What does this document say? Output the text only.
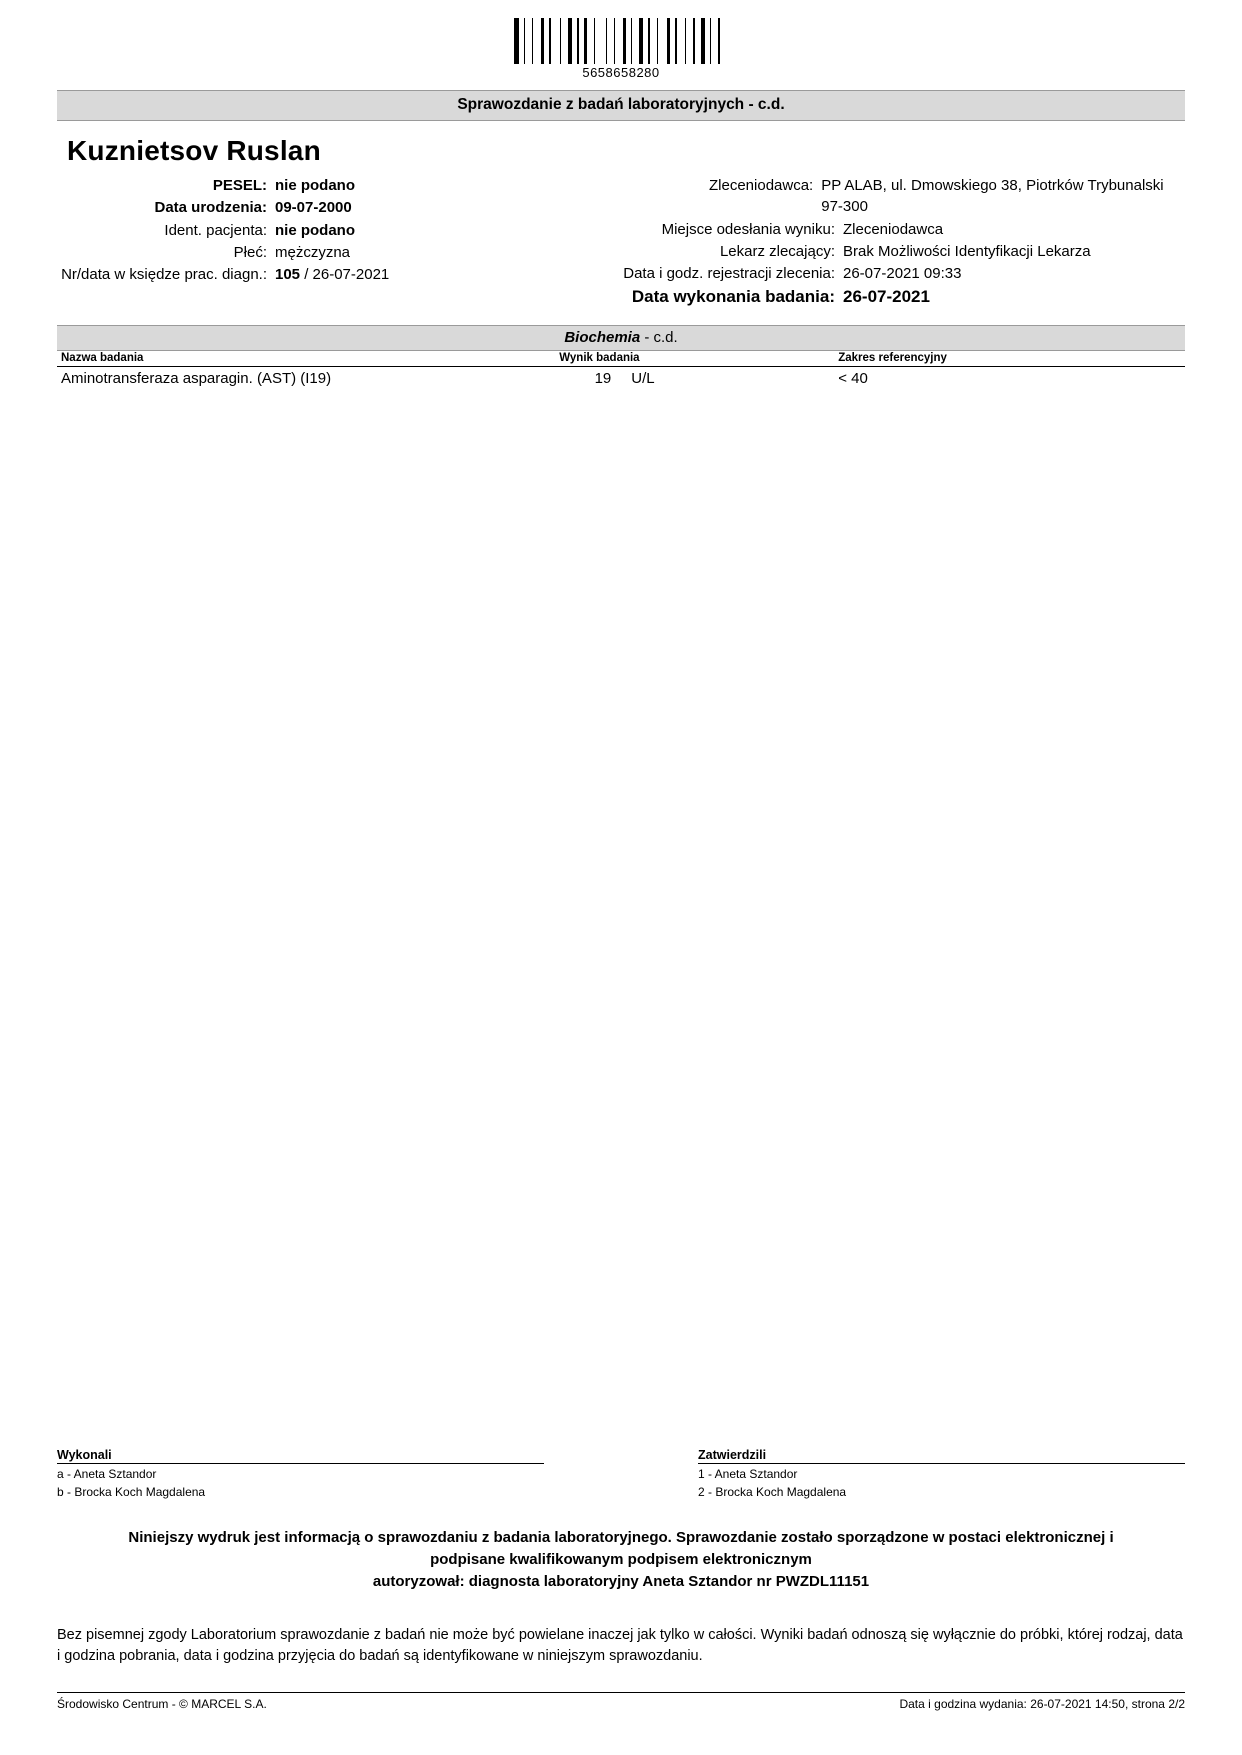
5658658280
Sprawozdanie z badań laboratoryjnych - c.d.
Kuznietsov Ruslan
PESEL: nie podano
Data urodzenia: 09-07-2000
Ident. pacjenta: nie podano
Płeć: mężczyzna
Nr/data w księdze prac. diagn.: 105 / 26-07-2021
Zleceniodawca: PP ALAB, ul. Dmowskiego 38, Piotrków Trybunalski 97-300
Miejsce odesłania wyniku: Zleceniodawca
Lekarz zlecający: Brak Możliwości Identyfikacji Lekarza
Data i godz. rejestracji zlecenia: 26-07-2021 09:33
Data wykonania badania: 26-07-2021
Biochemia - c.d.
Nazwa badania	Wynik badania	Zakres referencyjny
Aminotransferaza asparagin. (AST) (I19)	19 U/L	< 40
Wykonali
a - Aneta Sztandor
b - Brocka Koch Magdalena
Zatwierdzili
1 - Aneta Sztandor
2 - Brocka Koch Magdalena
Niniejszy wydruk jest informacją o sprawozdaniu z badania laboratoryjnego. Sprawozdanie zostało sporządzone w postaci elektronicznej i
podpisane kwalifikowanym podpisem elektronicznym
autoryzował: diagnosta laboratoryjny Aneta Sztandor nr PWZDL11151
Bez pisemnej zgody Laboratorium sprawozdanie z badań nie może być powielane inaczej jak tylko w całości. Wyniki badań odnoszą się wyłącznie do próbki, której rodzaj, data i godzina pobrania, data i godzina przyjęcia do badań są identyfikowane w niniejszym sprawozdaniu.
Środowisko Centrum - © MARCEL S.A.	Data i godzina wydania: 26-07-2021 14:50, strona 2/2
